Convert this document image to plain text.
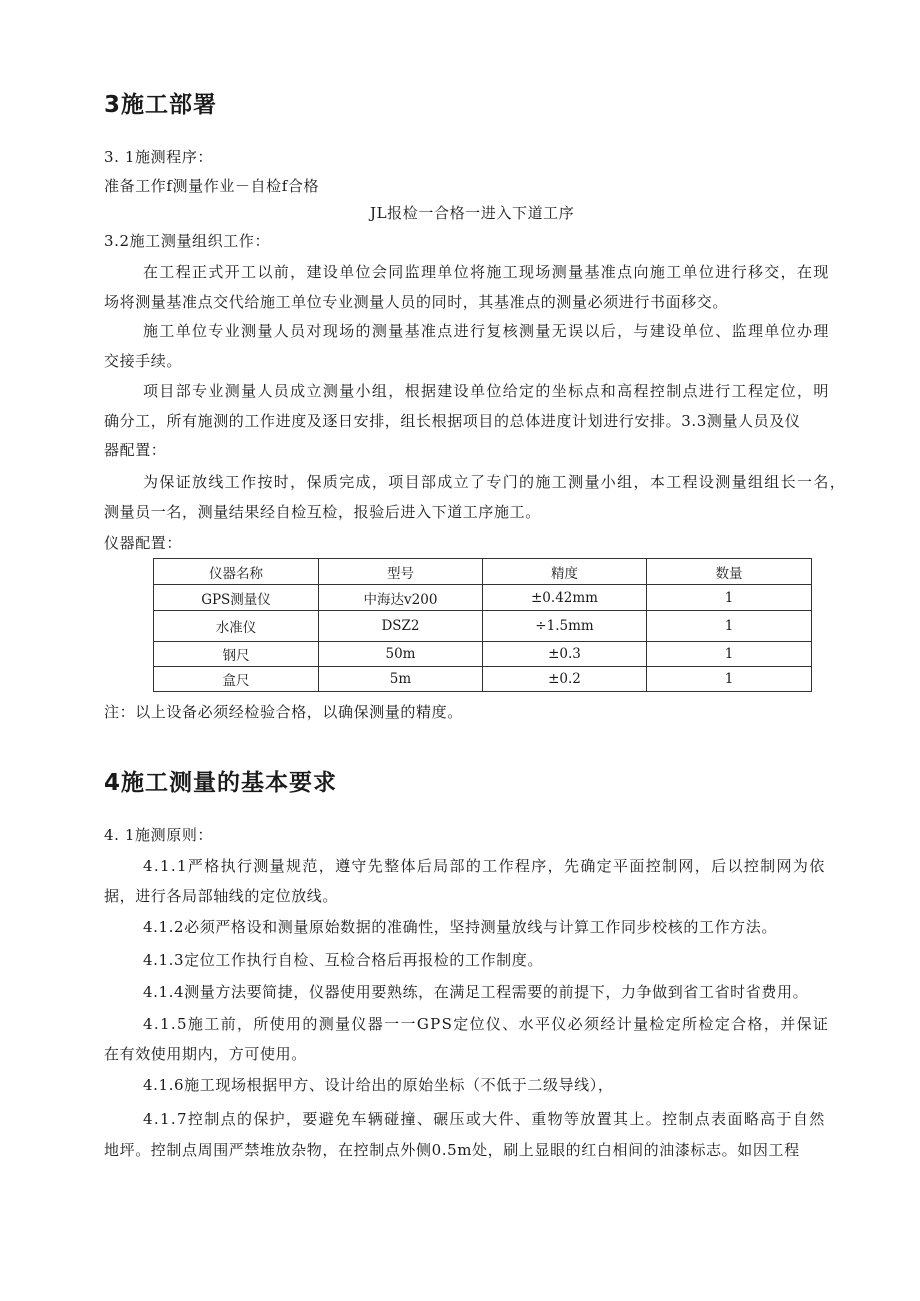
3施工部署
3. 1施测程序：
准备工作f测量作业－自检f合格
JL报检一合格一进入下道工序
3.2施工测量组织工作：
在工程正式开工以前，建设单位会同监理单位将施工现场测量基准点向施工单位进行移交，在现
场将测量基准点交代给施工单位专业测量人员的同时，其基准点的测量必须进行书面移交。
施工单位专业测量人员对现场的测量基准点进行复核测量无误以后，与建设单位、监理单位办理
交接手续。
项目部专业测量人员成立测量小组，根据建设单位给定的坐标点和高程控制点进行工程定位，明
确分工，所有施测的工作进度及逐日安排，组长根据项目的总体进度计划进行安排。3.3测量人员及仪
器配置：
为保证放线工作按时，保质完成，项目部成立了专门的施工测量小组，本工程设测量组组长一名，
测量员一名，测量结果经自检互检，报验后进入下道工序施工。
仪器配置：
仪器名称	型号	精度	数量
GPS测量仪	中海达v200	±0.42mm	1
水准仪	DSZ2	÷1.5mm	1
钢尺	50m	±0.3	1
盒尺	5m	±0.2	1
注：以上设备必须经检验合格，以确保测量的精度。
4施工测量的基本要求
4. 1施测原则：
4.1.1严格执行测量规范，遵守先整体后局部的工作程序，先确定平面控制网，后以控制网为依
据，进行各局部轴线的定位放线。
4.1.2必须严格设和测量原始数据的准确性，坚持测量放线与计算工作同步校核的工作方法。
4.1.3定位工作执行自检、互检合格后再报检的工作制度。
4.1.4测量方法要简捷，仪器使用要熟练，在满足工程需要的前提下，力争做到省工省时省费用。
4.1.5施工前，所使用的测量仪器一一GPS定位仪、水平仪必须经计量检定所检定合格，并保证
在有效使用期内，方可使用。
4.1.6施工现场根据甲方、设计给出的原始坐标（不低于二级导线），
4.1.7控制点的保护，要避免车辆碰撞、碾压或大件、重物等放置其上。控制点表面略高于自然
地坪。控制点周围严禁堆放杂物，在控制点外侧0.5m处，刷上显眼的红白相间的油漆标志。如因工程
